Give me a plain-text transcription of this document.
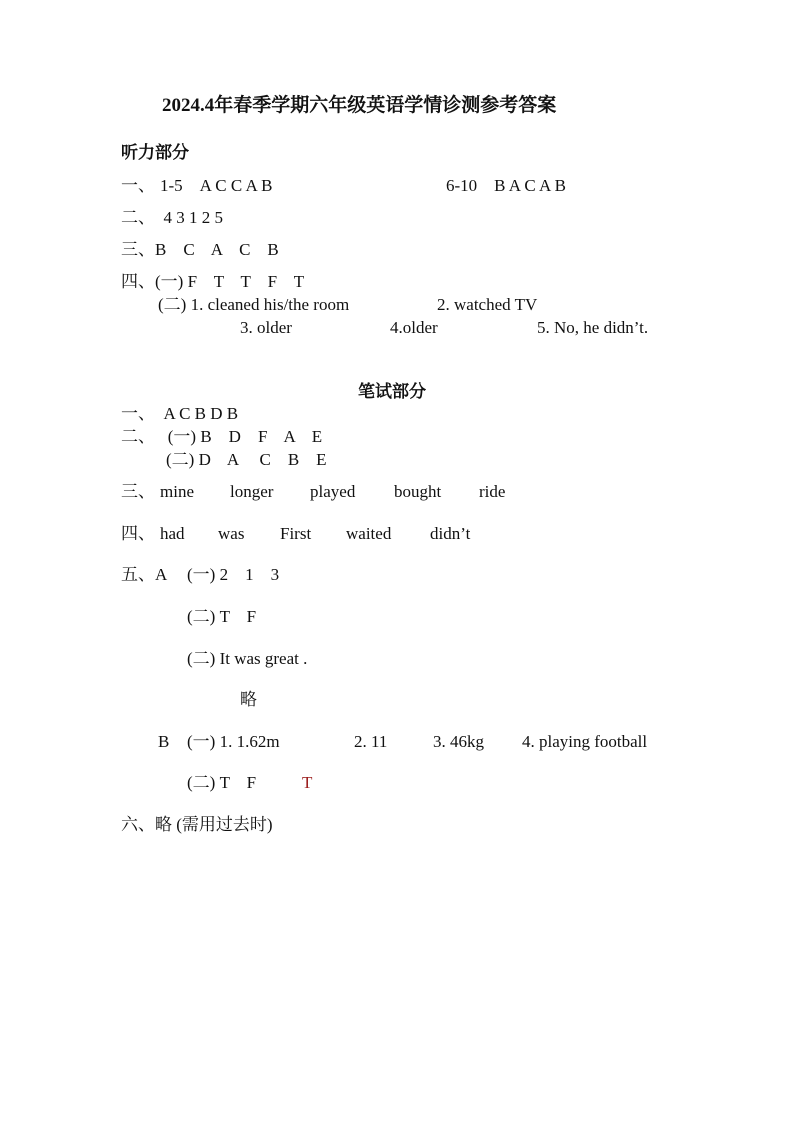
2024.4年春季学期六年级英语学情诊测参考答案
听力部分
一、 1-5    A C C A B	6-10    B A C A B
二、  4 3 1 2 5
三、B    C    A    C    B
四、(一) F    T    T    F    T
(二) 1. cleaned his/the room	2. watched TV
3. older	4.older	5. No, he didn’t.
笔试部分
一、  A C B D B
二、   (一) B    D    F    A    E
(二) D    A     C    B    E
三、 mine longer played bought ride
四、 had was First waited didn’t
五、A (一) 2    1    3
(二) T    F
(二) It was great .
略
B (一) 1. 1.62m	2. 11	3. 46kg 4. playing football
(二) T    F	T
六、略 (需用过去时)
